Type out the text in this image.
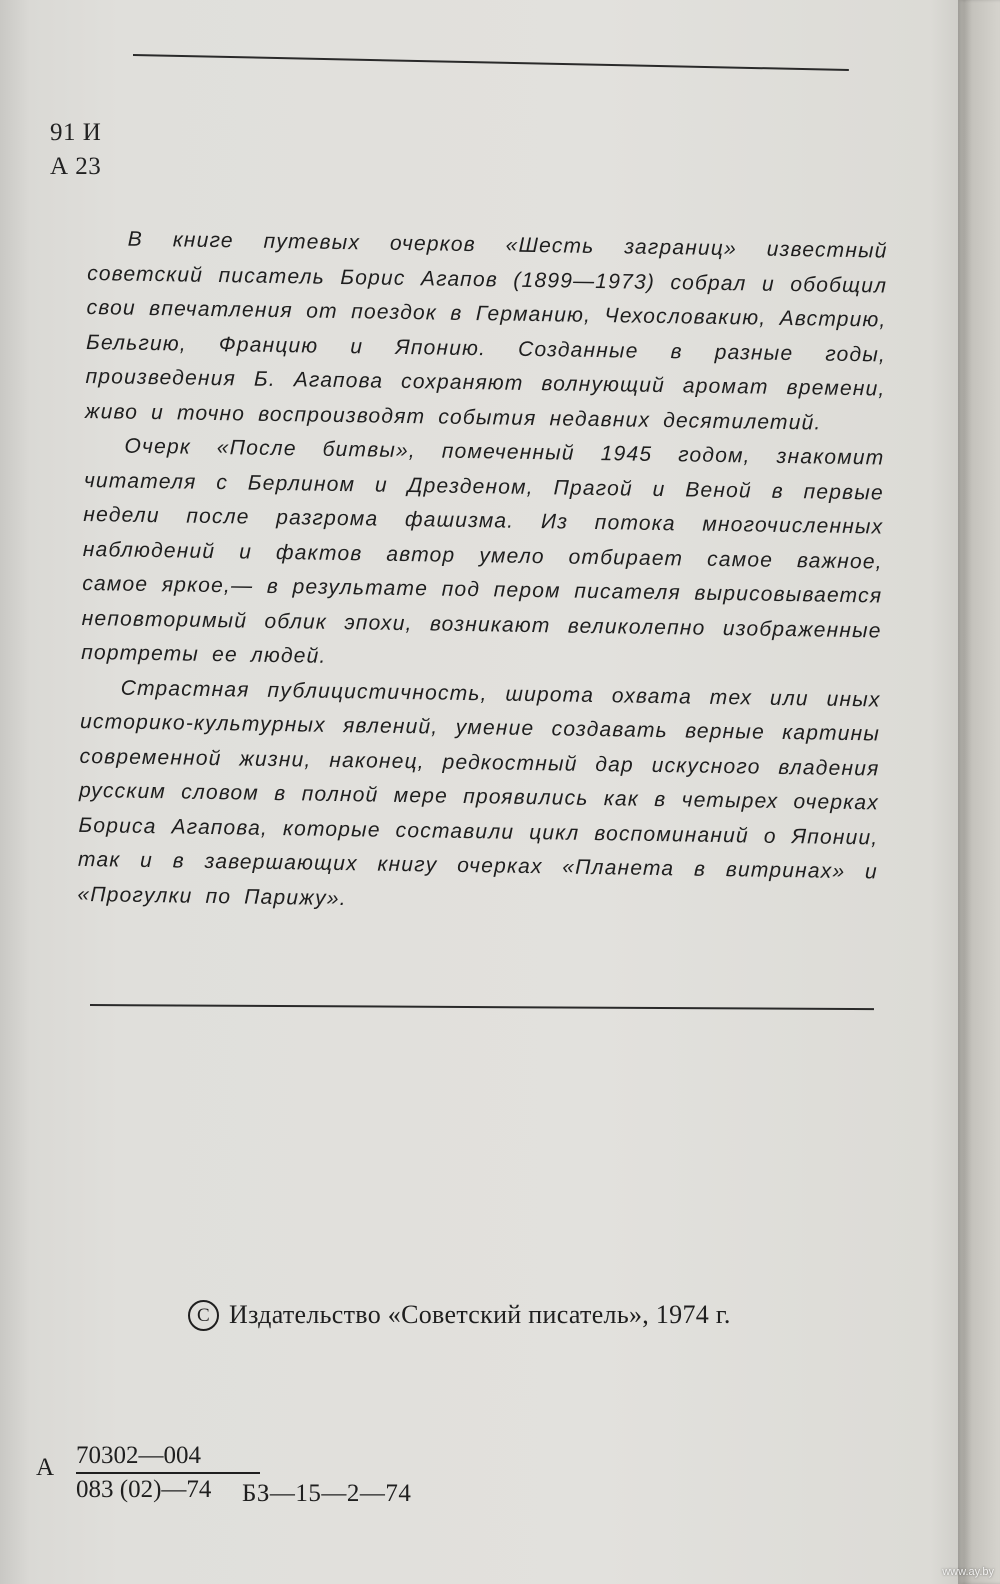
91 И
А 23

В книге путевых очерков «Шесть заграниц» известный советский писатель Борис Агапов (1899—1973) собрал и обобщил свои впечатления от поездок в Германию, Чехословакию, Австрию, Бельгию, Францию и Японию. Созданные в разные годы, произведения Б. Агапова сохраняют волнующий аромат времени, живо и точно воспроизводят события недавних десятилетий.

Очерк «После битвы», помеченный 1945 годом, знакомит читателя с Берлином и Дрезденом, Прагой и Веной в первые недели после разгрома фашизма. Из потока многочисленных наблюдений и фактов автор умело отбирает самое важное, самое яркое,— в результате под пером писателя вырисовывается неповторимый облик эпохи, возникают великолепно изображенные портреты ее людей.

Страстная публицистичность, широта охвата тех или иных историко-культурных явлений, умение создавать верные картины современной жизни, наконец, редкостный дар искусного владения русским словом в полной мере проявились как в четырех очерках Бориса Агапова, которые составили цикл воспоминаний о Японии, так и в завершающих книгу очерках «Планета в витринах» и «Прогулки по Парижу».

C Издательство «Советский писатель», 1974 г.
А $\frac{70302—004}{083 (02)—74}$
БЗ—15—2—74
www.ay.by
